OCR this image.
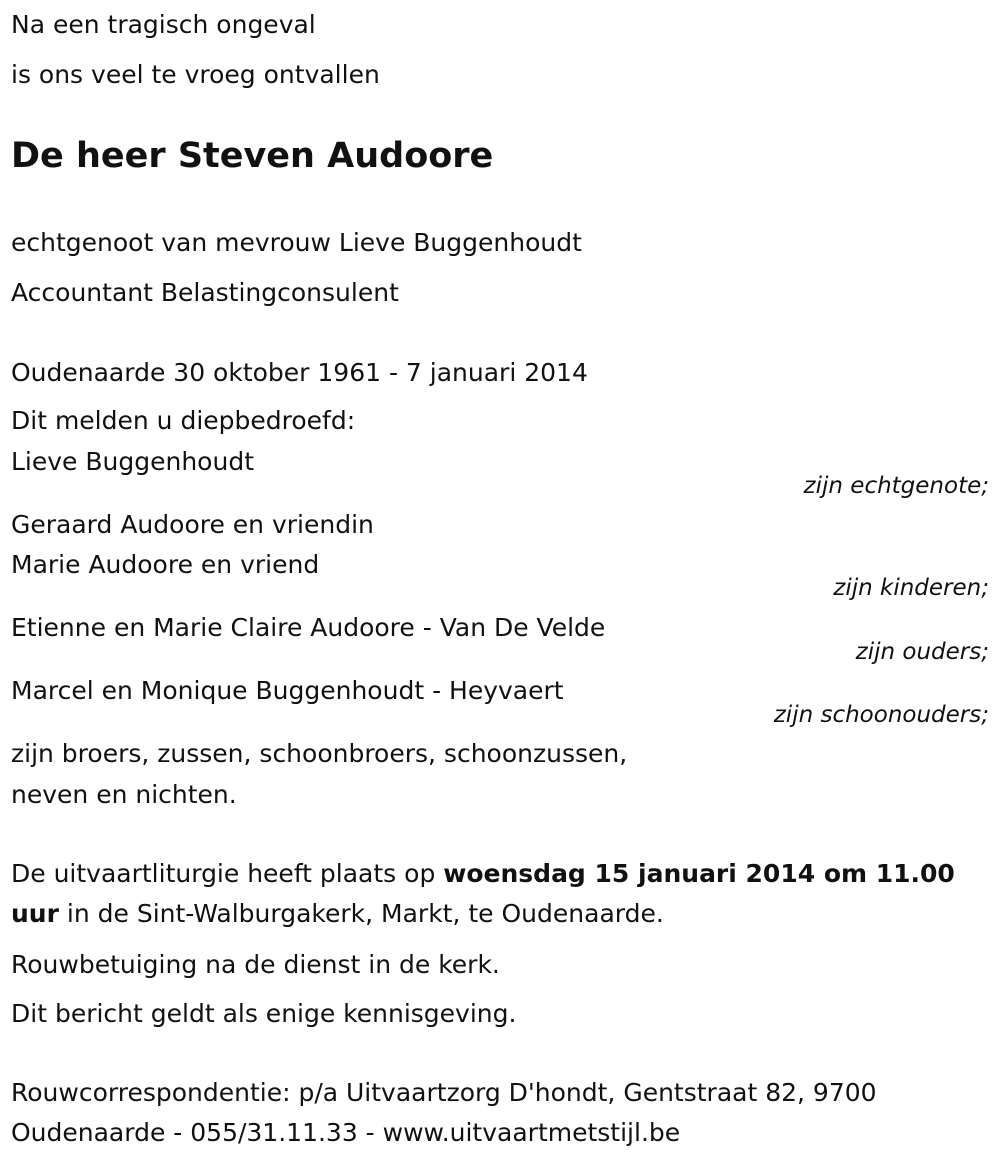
Na een tragisch ongeval

is ons veel te vroeg ontvallen

De heer Steven Audoore

echtgenoot van mevrouw Lieve Buggenhoudt

Accountant Belastingconsulent

Oudenaarde 30 oktober 1961 - 7 januari 2014

Dit melden u diepbedroefd:

Lieve Buggenhoudt

zijn echtgenote;

Geraard Audoore en vriendin

Marie Audoore en vriend

zijn kinderen;

Etienne en Marie Claire Audoore - Van De Velde

zijn ouders;

Marcel en Monique Buggenhoudt - Heyvaert

zijn schoonouders;

zijn broers, zussen, schoonbroers, schoonzussen,

neven en nichten.

De uitvaartliturgie heeft plaats op woensdag 15 januari 2014 om 11.00 uur in de Sint-Walburgakerk, Markt, te Oudenaarde.

Rouwbetuiging na de dienst in de kerk.

Dit bericht geldt als enige kennisgeving.

Rouwcorrespondentie: p/a Uitvaartzorg D'hondt, Gentstraat 82, 9700 Oudenaarde - 055/31.11.33 - www.uitvaartmetstijl.be
